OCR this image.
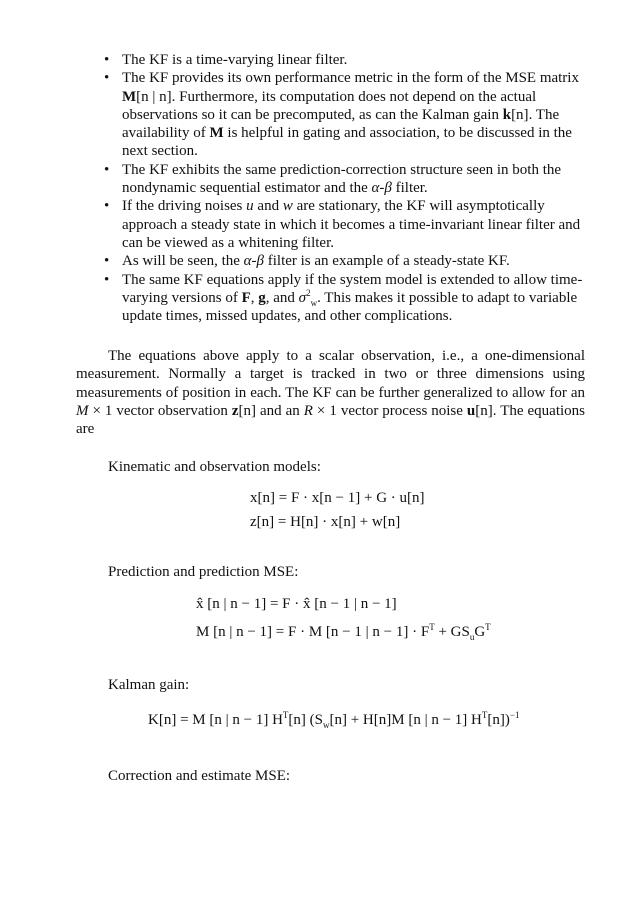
• The KF is a time-varying linear filter.
• The KF provides its own performance metric in the form of the MSE matrix M[n | n]. Furthermore, its computation does not depend on the actual observations so it can be precomputed, as can the Kalman gain k[n]. The availability of M is helpful in gating and association, to be discussed in the next section.
• The KF exhibits the same prediction-correction structure seen in both the nondynamic sequential estimator and the α-β filter.
• If the driving noises u and w are stationary, the KF will asymptotically approach a steady state in which it becomes a time-invariant linear filter and can be viewed as a whitening filter.
• As will be seen, the α-β filter is an example of a steady-state KF.
• The same KF equations apply if the system model is extended to allow time-varying versions of F, g, and $\sigma^2_w$. This makes it possible to adapt to variable update times, missed updates, and other complications.

The equations above apply to a scalar observation, i.e., a one-dimensional measurement. Normally a target is tracked in two or three dimensions using measurements of position in each. The KF can be further generalized to allow for an M × 1 vector observation z[n] and an R × 1 vector process noise u[n]. The equations are

Kinematic and observation models:

x[n] = F · x[n − 1] + G · u[n]

z[n] = H[n] · x[n] + w[n]

Prediction and prediction MSE:

x̂ [n | n − 1] = F · x̂ [n − 1 | n − 1]

M [n | n − 1] = F · M [n − 1 | $n - 1] \cdot F^T + GS_uG^T$

Kalman gain:

K[n] = M [n | n − 1] $H^T[n] (S_w[n] + H[n]M$ [n | n − 1] $H^T[n])^{-1}$

Correction and estimate MSE:
